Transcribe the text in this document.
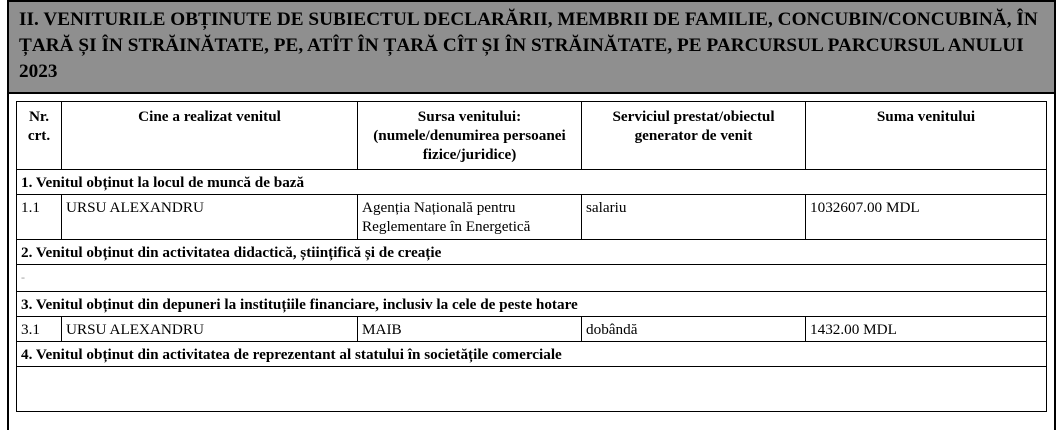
II. VENITURILE OBȚINUTE DE SUBIECTUL DECLARĂRII, MEMBRII DE FAMILIE, CONCUBIN/CONCUBINĂ, ÎN ȚARĂ ȘI ÎN STRĂINĂTATE, PE, ATÎT ÎN ȚARĂ CÎT ȘI ÎN STRĂINĂTATE, PE PARCURSUL PARCURSUL ANULUI 2023
Nr. crt.	Cine a realizat venitul	Sursa venitului: (numele/denumirea persoanei fizice/juridice)	Serviciul prestat/obiectul generator de venit	Suma venitului
1. Venitul obținut la locul de muncă de bază				
1.1	URSU ALEXANDRU	Agenția Națională pentru Reglementare în Energetică	salariu	1032607.00 MDL
2. Venitul obținut din activitatea didactică, științifică și de creație				
-				
3. Venitul obținut din depuneri la instituțiile financiare, inclusiv la cele de peste hotare				
3.1	URSU ALEXANDRU	MAIB	dobândă	1432.00 MDL
4. Venitul obținut din activitatea de reprezentant al statului în societățile comerciale				
